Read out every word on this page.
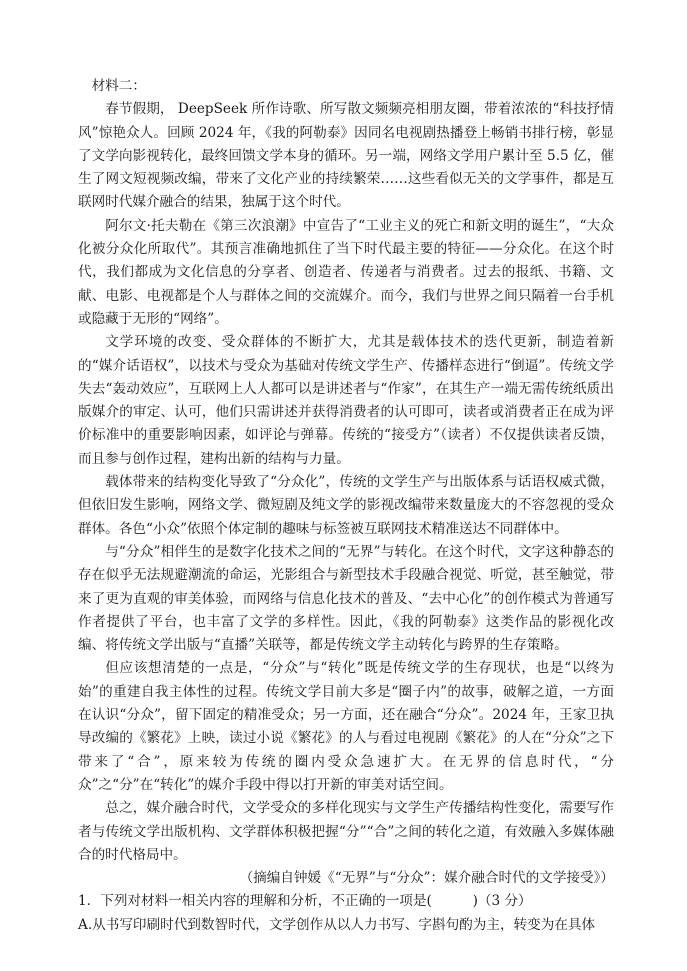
材料二：

春节假期， DeepSeek 所作诗歌、所写散文频频亮相朋友圈，带着浓浓的“科技抒情风”惊艳众人。回顾 2024 年，《我的阿勒泰》因同名电视剧热播登上畅销书排行榜，彰显了文学向影视转化，最终回馈文学本身的循环。另一端，网络文学用户累计至 5.5 亿，催生了网文短视频改编，带来了文化产业的持续繁荣……这些看似无关的文学事件，都是互联网时代媒介融合的结果，独属于这个时代。

阿尔文·托夫勒在《第三次浪潮》中宣告了“工业主义的死亡和新文明的诞生”，“大众化被分众化所取代”。其预言准确地抓住了当下时代最主要的特征——分众化。在这个时代，我们都成为文化信息的分享者、创造者、传递者与消费者。过去的报纸、书籍、文献、电影、电视都是个人与群体之间的交流媒介。而今，我们与世界之间只隔着一台手机或隐藏于无形的“网络”。

文学环境的改变、受众群体的不断扩大，尤其是载体技术的迭代更新，制造着新的“媒介话语权”，以技术与受众为基础对传统文学生产、传播样态进行“倒逼”。传统文学失去“轰动效应”，互联网上人人都可以是讲述者与“作家”，在其生产一端无需传统纸质出版媒介的审定、认可，他们只需讲述并获得消费者的认可即可，读者或消费者正在成为评价标准中的重要影响因素，如评论与弹幕。传统的“接受方”（读者）不仅提供读者反馈，而且参与创作过程，建构出新的结构与力量。

载体带来的结构变化导致了“分众化”，传统的文学生产与出版体系与话语权威式微，但依旧发生影响，网络文学、微短剧及纯文学的影视改编带来数量庞大的不容忽视的受众群体。各色“小众”依照个体定制的趣味与标签被互联网技术精准送达不同群体中。

与“分众”相伴生的是数字化技术之间的“无界”与转化。在这个时代，文字这种静态的存在似乎无法规避潮流的命运，光影组合与新型技术手段融合视觉、听觉，甚至触觉，带来了更为直观的审美体验，而网络与信息化技术的普及、“去中心化”的创作模式为普通写作者提供了平台，也丰富了文学的多样性。因此，《我的阿勒泰》这类作品的影视化改编、将传统文学出版与“直播”关联等，都是传统文学主动转化与跨界的生存策略。

但应该想清楚的一点是，“分众”与“转化”既是传统文学的生存现状，也是“以终为始”的重建自我主体性的过程。传统文学目前大多是“圈子内”的故事，破解之道，一方面在认识“分众”，留下固定的精准受众；另一方面，还在融合“分众”。2024 年，王家卫执导改编的《繁花》上映，读过小说《繁花》的人与看过电视剧《繁花》的人在“分众”之下带来了“合”，原来较为传统的圈内受众急速扩大。在无界的信息时代，“分众”之“分”在“转化”的媒介手段中得以打开新的审美对话空间。

总之，媒介融合时代，文学受众的多样化现实与文学生产传播结构性变化，需要写作者与传统文学出版机构、文学群体积极把握“分”“合”之间的转化之道，有效融入多媒体融合的时代格局中。

（摘编自钟媛《“无界”与“分众”：媒介融合时代的文学接受》）

1．下列对材料一相关内容的理解和分析，不正确的一项是(　　　)（3 分）

A.从书写印刷时代到数智时代，文学创作从以人力书写、字斟句酌为主，转变为在具体
